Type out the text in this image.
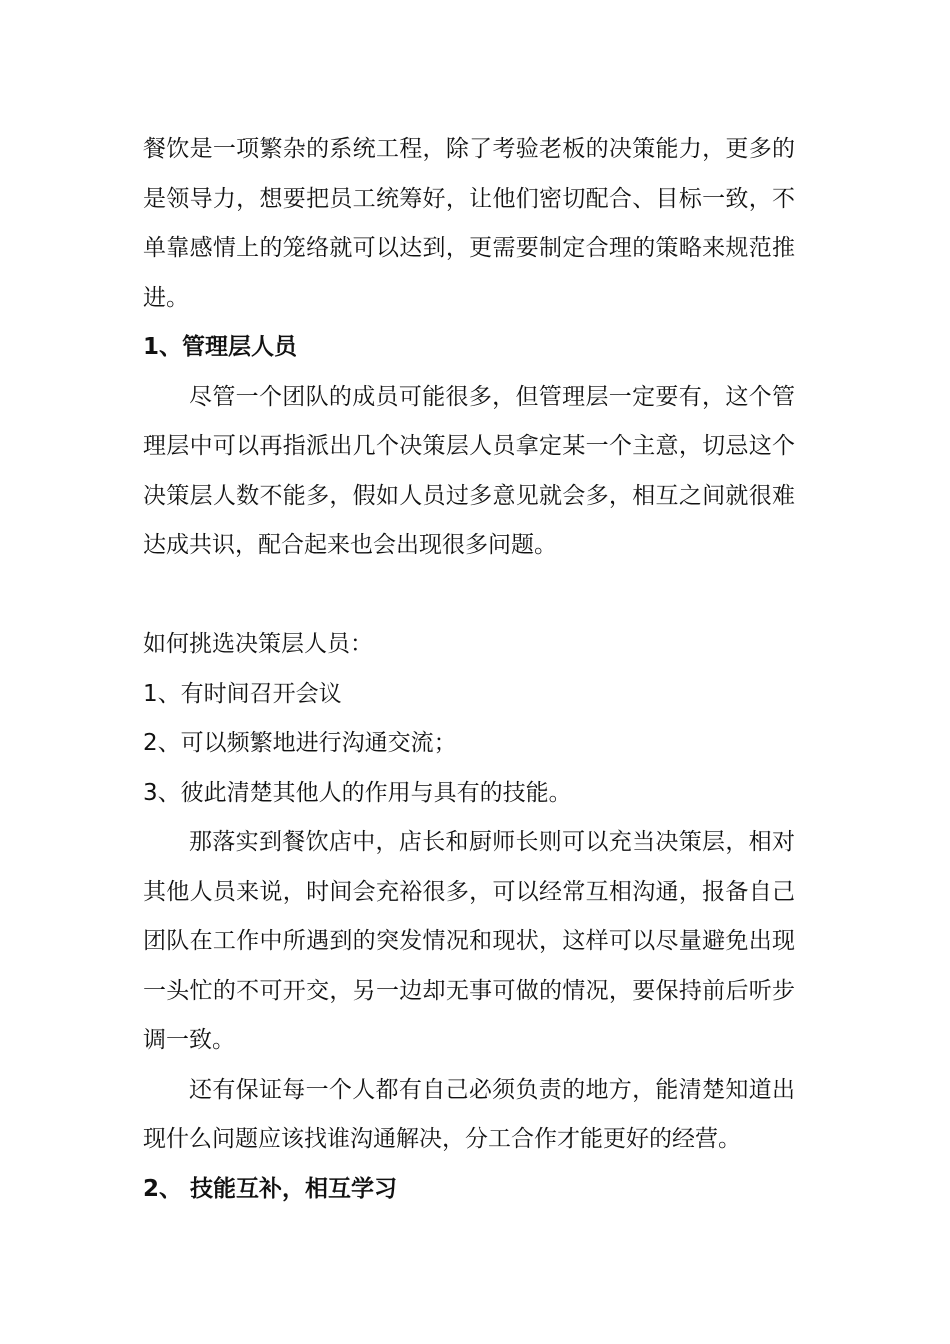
餐饮是一项繁杂的系统工程，除了考验老板的决策能力，更多的是领导力，想要把员工统筹好，让他们密切配合、目标一致，不单靠感情上的笼络就可以达到，更需要制定合理的策略来规范推进。

1、管理层人员

尽管一个团队的成员可能很多，但管理层一定要有，这个管理层中可以再指派出几个决策层人员拿定某一个主意，切忌这个决策层人数不能多，假如人员过多意见就会多，相互之间就很难达成共识，配合起来也会出现很多问题。

如何挑选决策层人员：

1、有时间召开会议

2、可以频繁地进行沟通交流；

3、彼此清楚其他人的作用与具有的技能。

那落实到餐饮店中，店长和厨师长则可以充当决策层，相对其他人员来说，时间会充裕很多，可以经常互相沟通，报备自己团队在工作中所遇到的突发情况和现状，这样可以尽量避免出现一头忙的不可开交，另一边却无事可做的情况，要保持前后听步调一致。

还有保证每一个人都有自己必须负责的地方，能清楚知道出现什么问题应该找谁沟通解决，分工合作才能更好的经营。

2、 技能互补，相互学习
